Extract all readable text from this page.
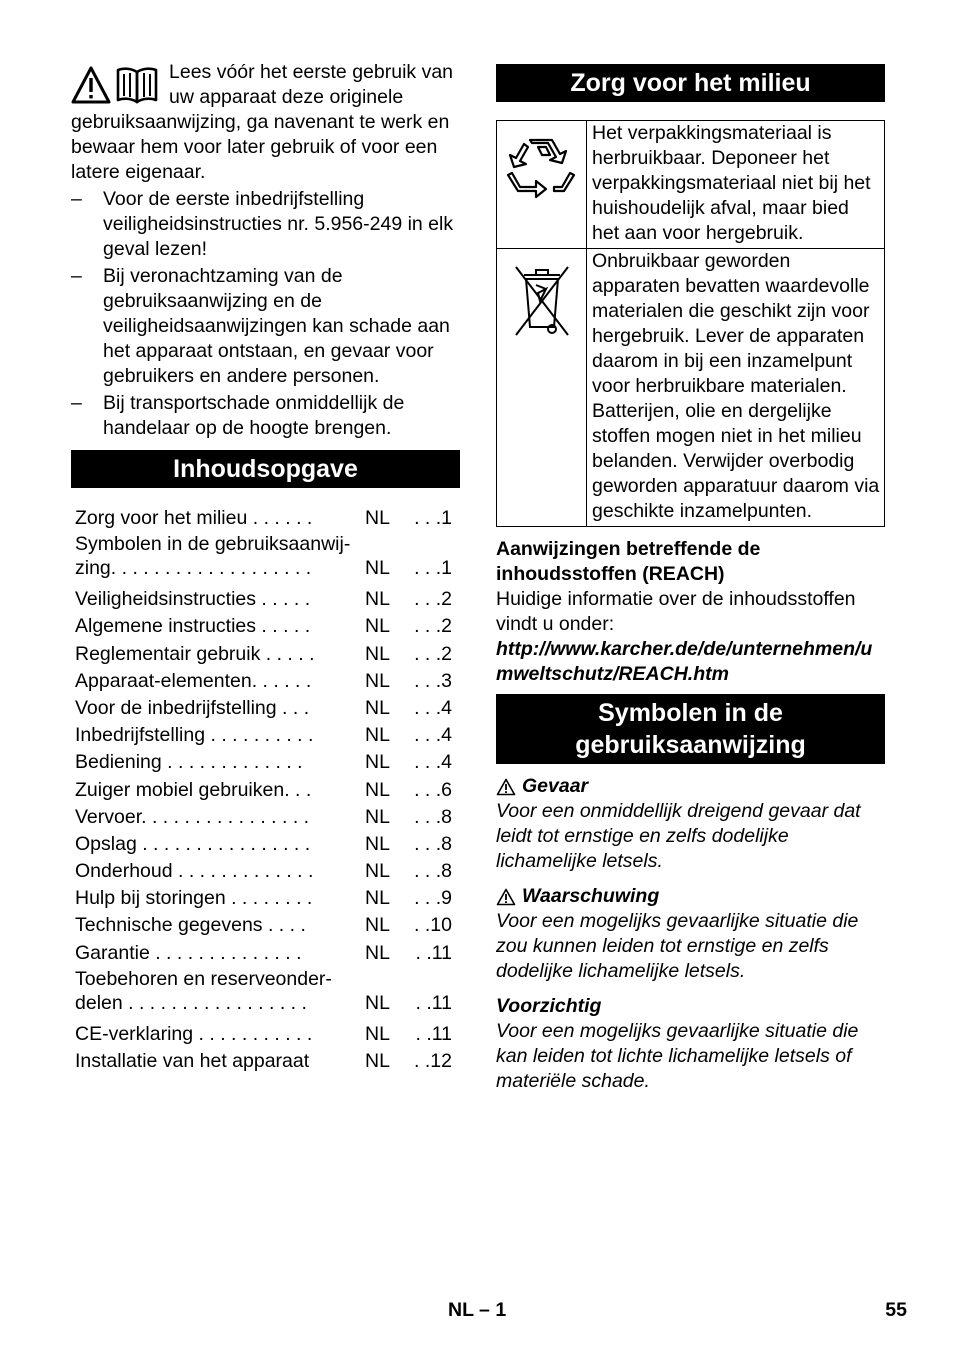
Lees vóór het eerste gebruik van uw apparaat deze originele gebruiksaanwijzing, ga navenant te werk en bewaar hem voor later gebruik of voor een latere eigenaar.

– Voor de eerste inbedrijfstelling veiligheidsinstructies nr. 5.956-249 in elk geval lezen!
– Bij veronachtzaming van de gebruiksaanwijzing en de veiligheidsaanwijzingen kan schade aan het apparaat ontstaan, en gevaar voor gebruikers en andere personen.
– Bij transportschade onmiddellijk de handelaar op de hoogte brengen.
Inhoudsopgave
Zorg voor het milieu . . . . . .	NL . . .1
Symbolen in de gebruiksaanwij-
zing. . . . . . . . . . . . . . . . . . .	NL . . .1
Veiligheidsinstructies . . . . .	NL . . .2
Algemene instructies . . . . .	NL . . .2
Reglementair gebruik . . . . .	NL . . .2
Apparaat-elementen. . . . . .	NL . . .3
Voor de inbedrijfstelling . . .	NL . . .4
Inbedrijfstelling . . . . . . . . . .	NL . . .4
Bediening . . . . . . . . . . . . .	NL . . .4
Zuiger mobiel gebruiken. . .	NL . . .6
Vervoer. . . . . . . . . . . . . . . .	NL . . .8
Opslag . . . . . . . . . . . . . . . .	NL . . .8
Onderhoud . . . . . . . . . . . . .	NL . . .8
Hulp bij storingen . . . . . . . .	NL . . .9
Technische gegevens . . . .	NL . .10
Garantie . . . . . . . . . . . . . .	NL . .11
Toebehoren en reserveonder-
delen . . . . . . . . . . . . . . . . .	NL . .11
CE-verklaring . . . . . . . . . . .	NL . .11
Installatie van het apparaat	NL . .12
Zorg voor het milieu
Het verpakkingsmateriaal is herbruikbaar. Deponeer het verpakkingsmateriaal niet bij het huishoudelijk afval, maar bied het aan voor hergebruik.
Onbruikbaar geworden apparaten bevatten waardevolle materialen die geschikt zijn voor hergebruik. Lever de apparaten daarom in bij een inzamelpunt voor herbruikbare materialen. Batterijen, olie en dergelijke stoffen mogen niet in het milieu belanden. Verwijder overbodig geworden apparatuur daarom via geschikte inzamelpunten.
Aanwijzingen betreffende de inhoudsstoffen (REACH)
Huidige informatie over de inhoudsstoffen vindt u onder:
http://www.karcher.de/de/unternehmen/umweltschutz/REACH.htm
Symbolen in de gebruiksaanwijzing
Gevaar
Voor een onmiddellijk dreigend gevaar dat leidt tot ernstige en zelfs dodelijke lichamelijke letsels.
Waarschuwing
Voor een mogelijks gevaarlijke situatie die zou kunnen leiden tot ernstige en zelfs dodelijke lichamelijke letsels.
Voorzichtig
Voor een mogelijks gevaarlijke situatie die kan leiden tot lichte lichamelijke letsels of materiële schade.
NL – 1	55
